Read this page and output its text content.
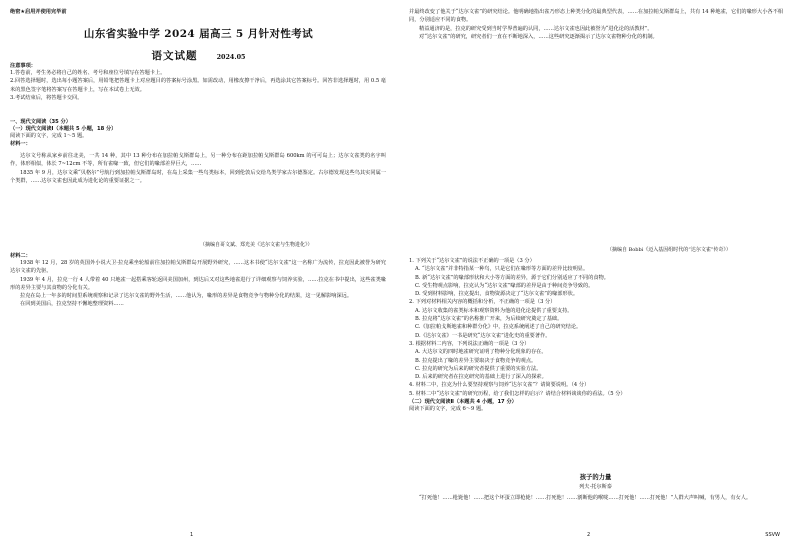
绝密★启用并使用完毕前
山东省实验中学 2024 届高三 5 月针对性考试
语文试题	2024.05
注意事项：

1.答卷前，考生务必将自己的姓名、考号和座位号填写在答题卡上。

2.回答选择题时，选出每小题答案后，用铅笔把答题卡上对应题目的答案标号涂黑。如需改动，用橡皮擦干净后，再选涂其它答案标号。回答非选择题时，用 0.5 毫米的黑色签字笔将答案写在答题卡上，写在本试卷上无效。

3.考试结束后，将答题卡交回。

一、现代文阅读（35 分）
（一）现代文阅读Ⅰ（本题共 5 小题，18 分）

阅读下面的文字，完成 1～5 题。

材料一：

达尔文号称从家乡前往北美，一共 14 种，其中 13 种分布在加拉帕戈斯群岛上，另一种分布在距加拉帕戈斯群岛 600km 的可可岛上；达尔文雀类的名字叫作，体形相似，体长 7~12cm 不等，所有雀喙一致，但它们的喙部差异巨大，……

1835 年 9 月，达尔文乘“贝格尔”号航行到加拉帕戈斯群岛时，在岛上采集一些鸟类标本，回到伦敦后交给鸟类学家古尔德鉴定。古尔德发现这些鸟其实同属一个类群，……达尔文雀也因此成为进化论的重要证据之一。

（摘编自哥文斌、郑光美《达尔文雀与生物进化》）
材料二：

1938 年 12 月，28 岁的英国外小说大卫·拉克乘坐轮船前往加拉帕戈斯群岛开展野外研究，……这本书使“达尔文雀”这一名称广为流传，拉克因此被誉为研究达尔文雀的先驱。

1939 年 4 月，拉克一行 4 人带着 40 只地雀一起搭乘客轮返回美国加州，到达后又对这些地雀进行了详细观察与饲养实验，……拉克在书中提出，这些雀类喙形的差异主要与其食物的分化有关。

拉克在岛上一年多的时间里系统观察和记录了达尔文雀的野外生活，……他认为，喙形的差异是食物竞争与物种分化的结果，这一见解影响深远。

在回到美国后，拉克坚持不懈地整理资料……

1

并最终改变了他关于“达尔文雀”的研究结论。他明确地指出雀乃形态上种类分化的最典型代表，……在加拉帕戈斯群岛上，共有 14 种地雀，它们的喙形大小各不相同，分别适应不同的食物。

精益通济的是，拉克的研究受到当时学界普遍的认同，……达尔文雀也因此被誉为“进化论的活教材”。

对“达尔文雀”的研究，研究者们一直在不断地深入，……这些研究逐渐揭示了达尔文雀物种分化的机制。

（摘编自 Bobbi《迈入基因组时代的“达尔文雀”传奇》）

1. 下列关于“达尔文雀”的说法不正确的一项是（3 分）

A. “达尔文雀”并非特指某一种鸟，只是它们在喙形等方面的差异比较明显。

B. 新“达尔文雀”的喙部形状和大小等方面的差异，源于它们分别适应了不同的食物。

C. 受生物观点影响，拉克认为“达尔文雀”喙部的差异是由于种间竞争导致的。

D. 受到材料影响，拉克提出，食物资源决定了“达尔文雀”的喙部形状。

2. 下列对材料相关内容的概括和分析，不正确的一项是（3 分）

A. 达尔文收集的雀类标本和观察资料为他的进化论提供了重要支持。

B. 拉克将“达尔文雀”的名称推广开来，为后续研究奠定了基础。

C.《加拉帕戈斯地雀和种群分化》中，拉克系统阐述了自己的研究结论。

D.《达尔文雀》一书是研究“达尔文雀”进化史的重要著作。

3. 根据材料二内容，下列说法正确的一项是（3 分）

A. 大达尔文的四时地雀研究证明了物种分化现象的存在。

B. 拉克提出了喙的差异主要取决于食物竞争的观点。

C. 拉克的研究为后来的研究者提供了重要的实验方法。

D. 后来的研究者在拉克研究的基础上进行了深入的探索。

4. 材料二中，拉克为什么要坚持观察与饲养“达尔文雀”？请简要说明。（4 分）

5. 材料二中“达尔文雀”的研究历程，给了我们怎样的启示？请结合材料谈谈你的看法。（5 分）

（二）现代文阅读Ⅱ（本题共 4 小题，17 分）

阅读下面的文字，完成 6～9 题。

孩子的力量
列夫·托尔斯泰

“打死他！……枪毙他！……把这个坏蛋立即枪毙！……打死他！……割断他的喉咙……打死他！……打死他！”人群大声叫喊，有男人，有女人。

2	SSVW
